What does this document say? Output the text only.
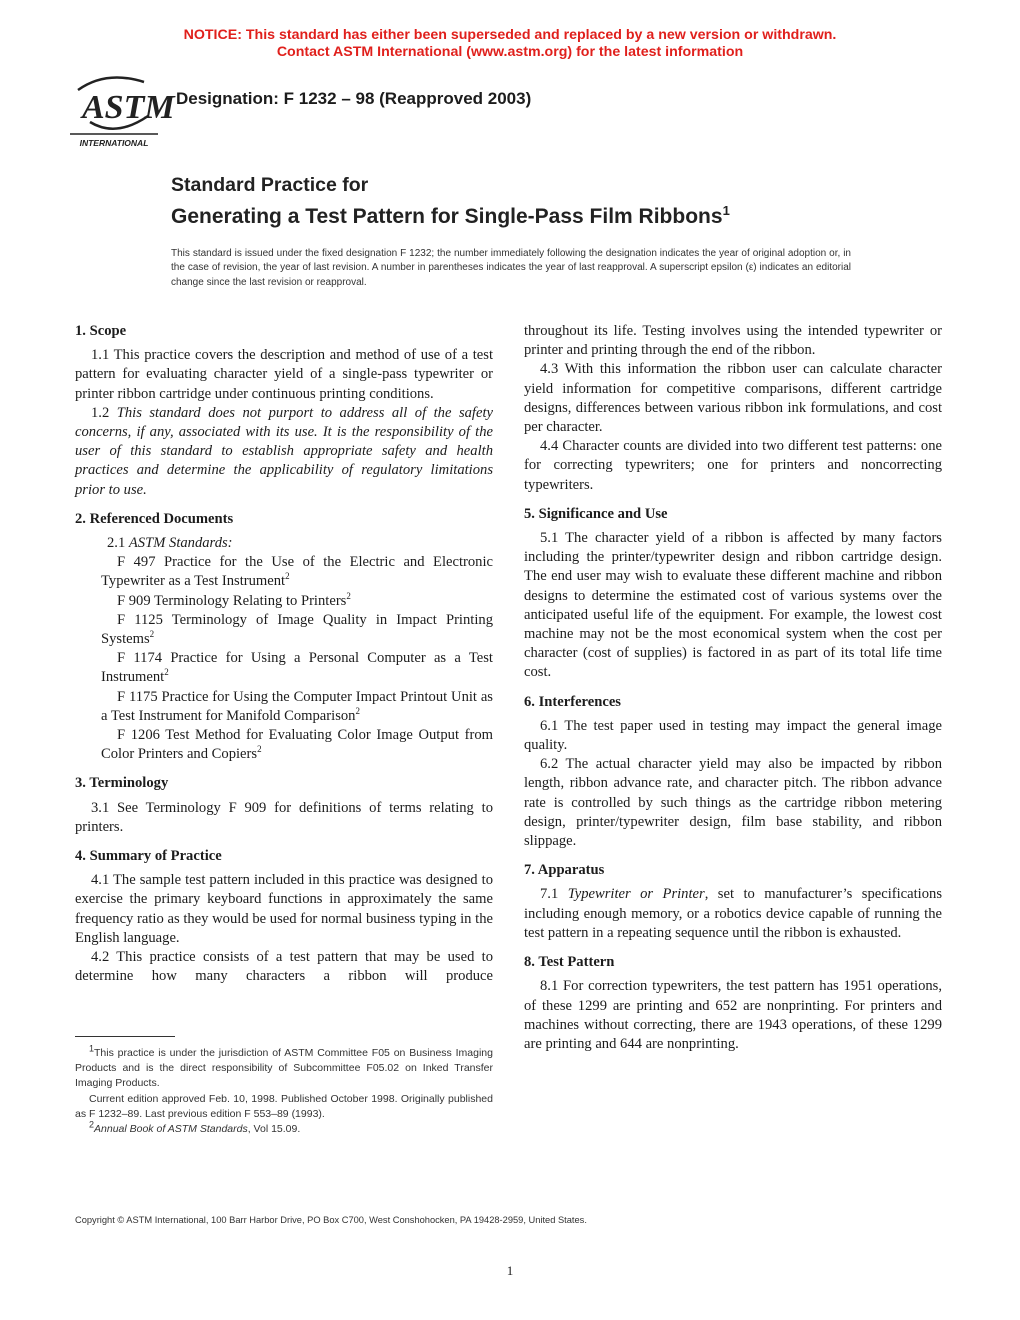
NOTICE: This standard has either been superseded and replaced by a new version or withdrawn.
Contact ASTM International (www.astm.org) for the latest information
ASTM
INTERNATIONAL
Designation: F 1232 – 98 (Reapproved 2003)
Standard Practice for
Generating a Test Pattern for Single-Pass Film Ribbons$^1$
This standard is issued under the fixed designation F 1232; the number immediately following the designation indicates the year of original adoption or, in the case of revision, the year of last revision. A number in parentheses indicates the year of last reapproval. A superscript epsilon (ε) indicates an editorial change since the last revision or reapproval.
1. Scope

1.1 This practice covers the description and method of use of a test pattern for evaluating character yield of a single-pass typewriter or printer ribbon cartridge under continuous printing conditions.

1.2 This standard does not purport to address all of the safety concerns, if any, associated with its use. It is the responsibility of the user of this standard to establish appropriate safety and health practices and determine the applicability of regulatory limitations prior to use.

2. Referenced Documents

2.1 ASTM Standards:

F 497 Practice for the Use of the Electric and Electronic Typewriter as a Test Instrument$^2$

F 909 Terminology Relating to Printers$^2$

F 1125 Terminology of Image Quality in Impact Printing Systems$^2$

F 1174 Practice for Using a Personal Computer as a Test Instrument$^2$

F 1175 Practice for Using the Computer Impact Printout Unit as a Test Instrument for Manifold Comparison$^2$

F 1206 Test Method for Evaluating Color Image Output from Color Printers and Copiers$^2$

3. Terminology

3.1 See Terminology F 909 for definitions of terms relating to printers.

4. Summary of Practice

4.1 The sample test pattern included in this practice was designed to exercise the primary keyboard functions in approximately the same frequency ratio as they would be used for normal business typing in the English language.

4.2 This practice consists of a test pattern that may be used to determine how many characters a ribbon will produce

throughout its life. Testing involves using the intended typewriter or printer and printing through the end of the ribbon.

4.3 With this information the ribbon user can calculate character yield information for competitive comparisons, different cartridge designs, differences between various ribbon ink formulations, and cost per character.

4.4 Character counts are divided into two different test patterns: one for correcting typewriters; one for printers and noncorrecting typewriters.

5. Significance and Use

5.1 The character yield of a ribbon is affected by many factors including the printer/typewriter design and ribbon cartridge design. The end user may wish to evaluate these different machine and ribbon designs to determine the estimated cost of various systems over the anticipated useful life of the equipment. For example, the lowest cost machine may not be the most economical system when the cost per character (cost of supplies) is factored in as part of its total life time cost.

6. Interferences

6.1 The test paper used in testing may impact the general image quality.

6.2 The actual character yield may also be impacted by ribbon length, ribbon advance rate, and character pitch. The ribbon advance rate is controlled by such things as the cartridge ribbon metering design, printer/typewriter design, film base stability, and ribbon slippage.

7. Apparatus

7.1 Typewriter or Printer, set to manufacturer’s specifications including enough memory, or a robotics device capable of running the test pattern in a repeating sequence until the ribbon is exhausted.

8. Test Pattern

8.1 For correction typewriters, the test pattern has 1951 operations, of these 1299 are printing and 652 are nonprinting. For printers and machines without correcting, there are 1943 operations, of these 1299 are printing and 644 are nonprinting.

$^1$This practice is under the jurisdiction of ASTM Committee F05 on Business Imaging Products and is the direct responsibility of Subcommittee F05.02 on Inked Transfer Imaging Products.

Current edition approved Feb. 10, 1998. Published October 1998. Originally published as F 1232–89. Last previous edition F 553–89 (1993).

$^2$Annual Book of ASTM Standards, Vol 15.09.

Copyright © ASTM International, 100 Barr Harbor Drive, PO Box C700, West Conshohocken, PA 19428-2959, United States.
1
